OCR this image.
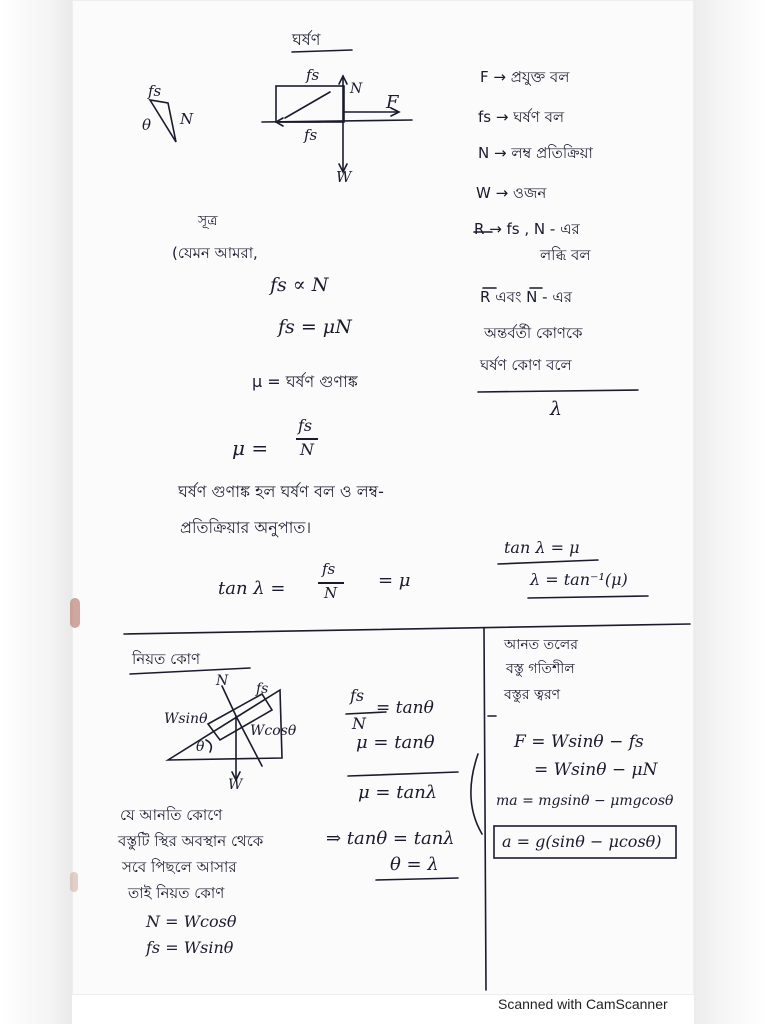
ঘর্ষণ
fs
θ N
fs
N
F
fs
W
F → প্রযুক্ত বল
fs → ঘর্ষণ বল
N → লম্ব প্রতিক্রিয়া
W → ওজন
R → fs , N - এর
লব্ধি বল
R এবং N - এর
অন্তর্বর্তী কোণকে
ঘর্ষণ কোণ বলে
λ
সূত্র
(যেমন আমরা,
fs ∝ N
fs = μN
μ = ঘর্ষণ গুণাঙ্ক
μ =
fs
N
ঘর্ষণ গুণাঙ্ক হল ঘর্ষণ বল ও লম্ব-
প্রতিক্রিয়ার অনুপাত।
tan λ =
fs
N
= μ
tan λ = μ
λ = tan⁻¹(μ)
নিয়ত কোণ
N fs
Wsinθ
Wcosθ
θ
W
যে আনতি কোণে
বস্তুটি স্থির অবস্থান থেকে
সবে পিছলে আসার
তাই নিয়ত কোণ
N = Wcosθ
fs = Wsinθ
fs
N
= tanθ
μ = tanθ
μ = tanλ
⇒ tanθ = tanλ
θ = λ
আনত তলের
বস্তু গতিশীল
বস্তুর ত্বরণ
F = Wsinθ − fs
= Wsinθ − μN
ma = mgsinθ − μmgcosθ
a = g(sinθ − μcosθ)
Scanned with CamScanner
